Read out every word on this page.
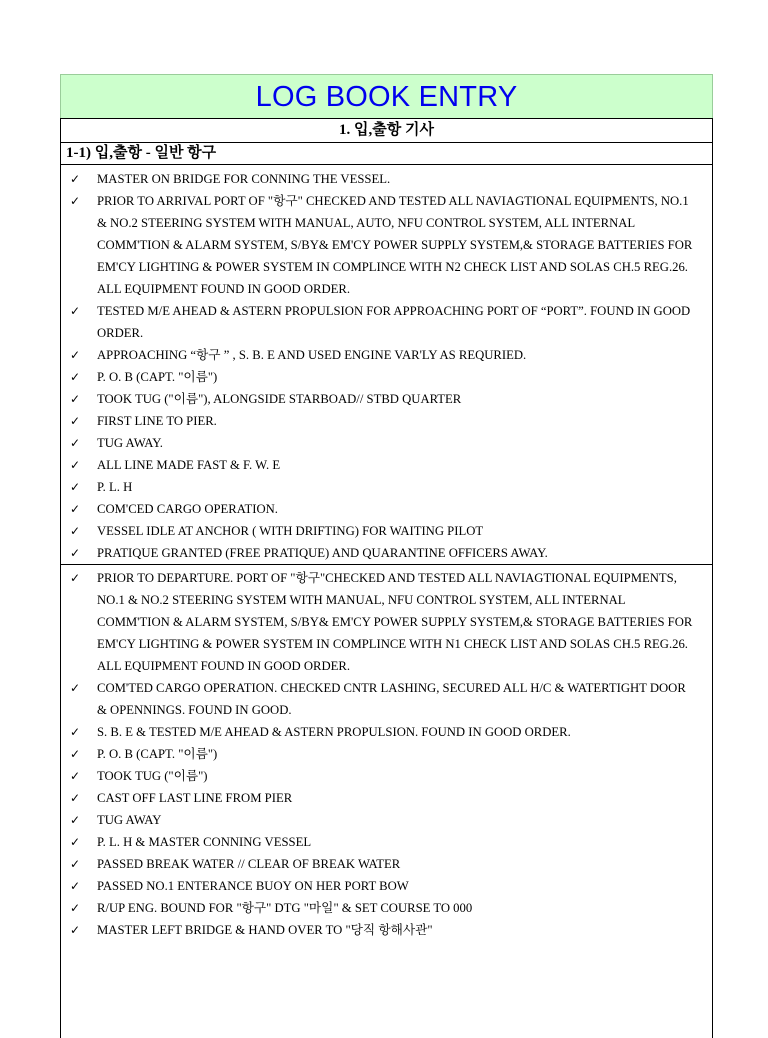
LOG BOOK ENTRY
1. 입,출항 기사
1-1) 입,출항 - 일반 항구
✓	MASTER ON BRIDGE FOR CONNING THE VESSEL.
✓	PRIOR TO ARRIVAL PORT OF "항구" CHECKED AND TESTED ALL NAVIAGTIONAL EQUIPMENTS, NO.1
& NO.2 STEERING SYSTEM WITH MANUAL, AUTO, NFU CONTROL SYSTEM, ALL INTERNAL
COMM'TION & ALARM SYSTEM, S/BY& EM'CY POWER SUPPLY SYSTEM,& STORAGE BATTERIES FOR
EM'CY LIGHTING & POWER SYSTEM IN COMPLINCE WITH N2 CHECK LIST AND SOLAS CH.5 REG.26.
ALL EQUIPMENT FOUND IN GOOD ORDER.
✓	TESTED M/E AHEAD & ASTERN PROPULSION FOR APPROACHING PORT OF “PORT”. FOUND IN GOOD
ORDER.
✓	APPROACHING “항구 ” , S. B. E AND USED ENGINE VAR'LY AS REQURIED.
✓	P. O. B (CAPT. "이름")
✓	TOOK TUG ("이름"), ALONGSIDE STARBOAD// STBD QUARTER
✓	FIRST LINE TO PIER.
✓	TUG AWAY.
✓	ALL LINE MADE FAST & F. W. E
✓	P. L. H
✓	COM'CED CARGO OPERATION.
✓	VESSEL IDLE AT ANCHOR ( WITH DRIFTING) FOR WAITING PILOT
✓	PRATIQUE GRANTED (FREE PRATIQUE) AND QUARANTINE OFFICERS AWAY.
✓	PRIOR TO DEPARTURE. PORT OF "항구"CHECKED AND TESTED ALL NAVIAGTIONAL EQUIPMENTS,
NO.1 & NO.2 STEERING SYSTEM WITH MANUAL, NFU CONTROL SYSTEM, ALL INTERNAL
COMM'TION & ALARM SYSTEM, S/BY& EM'CY POWER SUPPLY SYSTEM,& STORAGE BATTERIES FOR
EM'CY LIGHTING & POWER SYSTEM IN COMPLINCE WITH N1 CHECK LIST AND SOLAS CH.5 REG.26.
ALL EQUIPMENT FOUND IN GOOD ORDER.
✓	COM'TED CARGO OPERATION. CHECKED CNTR LASHING, SECURED ALL H/C & WATERTIGHT DOOR
& OPENNINGS. FOUND IN GOOD.
✓	S. B. E & TESTED M/E AHEAD & ASTERN PROPULSION. FOUND IN GOOD ORDER.
✓	P. O. B (CAPT. "이름")
✓	TOOK TUG ("이름")
✓	CAST OFF LAST LINE FROM PIER
✓	TUG AWAY
✓	P. L. H & MASTER CONNING VESSEL
✓	PASSED BREAK WATER // CLEAR OF BREAK WATER
✓	PASSED NO.1 ENTERANCE BUOY ON HER PORT BOW
✓	R/UP ENG. BOUND FOR "항구" DTG "마일" & SET COURSE TO 000
✓	MASTER LEFT BRIDGE & HAND OVER TO "당직 항해사관"
